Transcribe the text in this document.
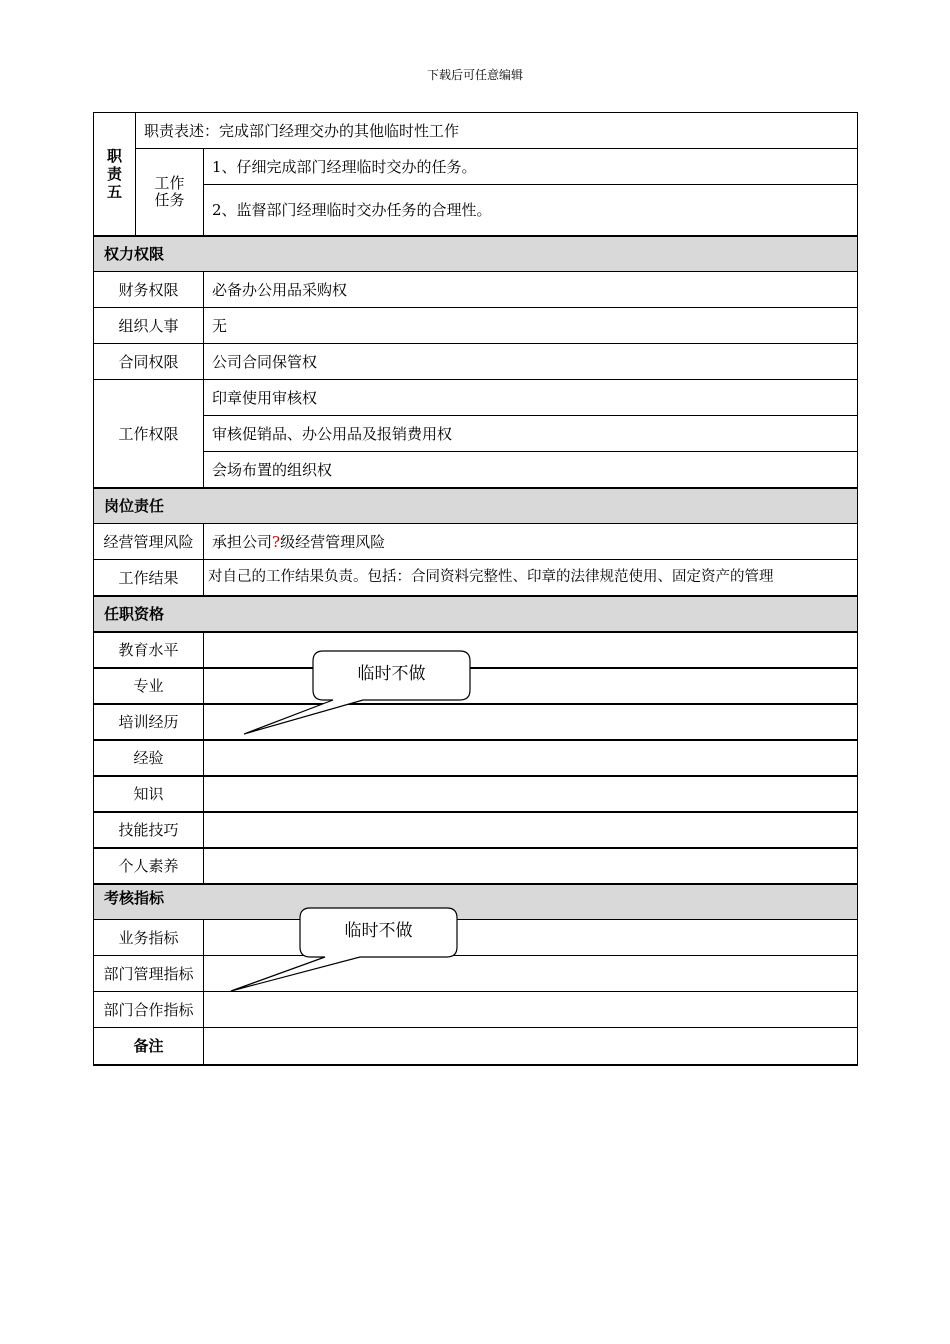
下载后可任意编辑
职责五	职责表述：完成部门经理交办的其他临时性工作	
	工作任务	1、仔细完成部门经理临时交办的任务。
		2、监督部门经理临时交办任务的合理性。
权力权限		
财务权限		必备办公用品采购权
组织人事		无
合同权限		公司合同保管权
工作权限		印章使用审核权
		审核促销品、办公用品及报销费用权
		会场布置的组织权
岗位责任		
经营管理风险		承担公司?级经营管理风险
工作结果		对自己的工作结果负责。包括：合同资料完整性、印章的法律规范使用、固定资产的管理
任职资格		
教育水平		
专业		
培训经历		
经验		
知识		
技能技巧		
个人素养		
考核指标		
业务指标		
部门管理指标		
部门合作指标		
备注		
临时不做
临时不做
